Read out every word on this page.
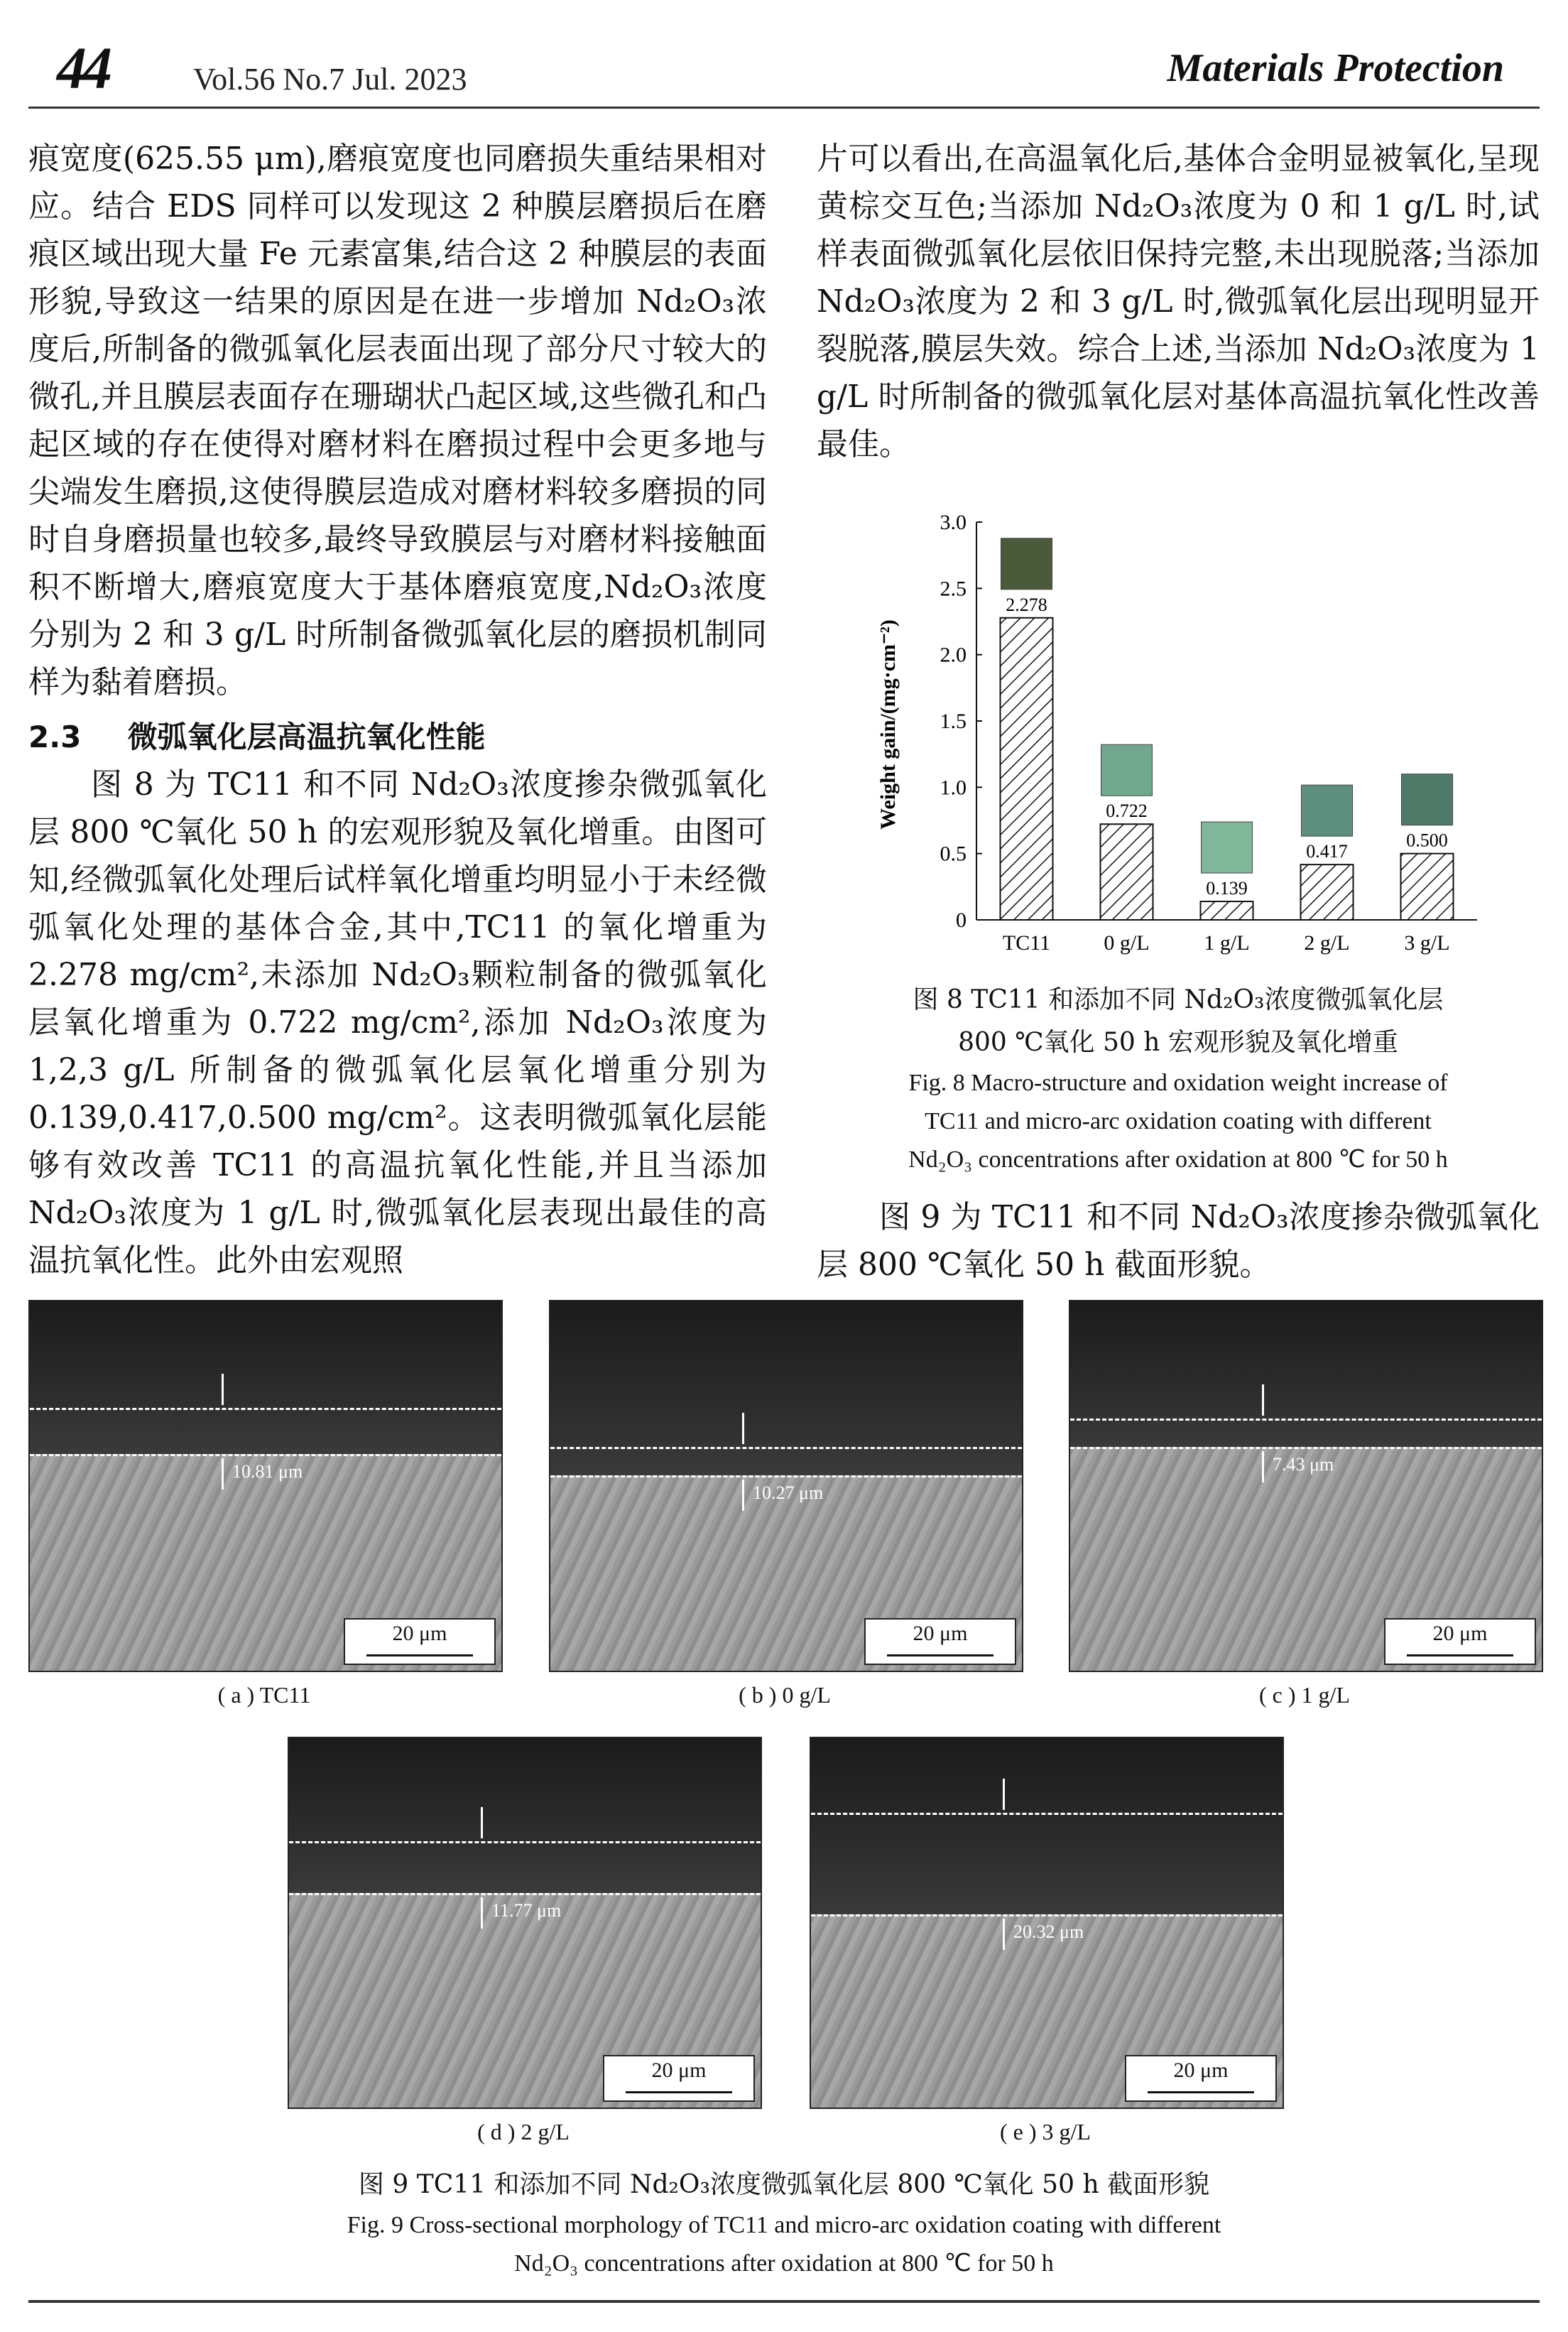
44	Vol.56 No.7 Jul. 2023	Materials Protection

痕宽度(625.55 μm),磨痕宽度也同磨损失重结果相对应。结合 EDS 同样可以发现这 2 种膜层磨损后在磨痕区域出现大量 Fe 元素富集,结合这 2 种膜层的表面形貌,导致这一结果的原因是在进一步增加 Nd₂O₃浓度后,所制备的微弧氧化层表面出现了部分尺寸较大的微孔,并且膜层表面存在珊瑚状凸起区域,这些微孔和凸起区域的存在使得对磨材料在磨损过程中会更多地与尖端发生磨损,这使得膜层造成对磨材料较多磨损的同时自身磨损量也较多,最终导致膜层与对磨材料接触面积不断增大,磨痕宽度大于基体磨痕宽度,Nd₂O₃浓度分别为 2 和 3 g/L 时所制备微弧氧化层的磨损机制同样为黏着磨损。

2.3 微弧氧化层高温抗氧化性能

图 8 为 TC11 和不同 Nd₂O₃浓度掺杂微弧氧化层 800 ℃氧化 50 h 的宏观形貌及氧化增重。由图可知,经微弧氧化处理后试样氧化增重均明显小于未经微弧氧化处理的基体合金,其中,TC11 的氧化增重为 2.278 mg/cm²,未添加 Nd₂O₃颗粒制备的微弧氧化层氧化增重为 0.722 mg/cm²,添加 Nd₂O₃浓度为 1,2,3 g/L 所制备的微弧氧化层氧化增重分别为 0.139,0.417,0.500 mg/cm²。这表明微弧氧化层能够有效改善 TC11 的高温抗氧化性能,并且当添加 Nd₂O₃浓度为 1 g/L 时,微弧氧化层表现出最佳的高温抗氧化性。此外由宏观照

片可以看出,在高温氧化后,基体合金明显被氧化,呈现黄棕交互色;当添加 Nd₂O₃浓度为 0 和 1 g/L 时,试样表面微弧氧化层依旧保持完整,未出现脱落;当添加 Nd₂O₃浓度为 2 和 3 g/L 时,微弧氧化层出现明显开裂脱落,膜层失效。综合上述,当添加 Nd₂O₃浓度为 1 g/L 时所制备的微弧氧化层对基体高温抗氧化性改善最佳。

0
0.5
1.0
1.5
2.0
2.5
3.0
2.278
TC11
0.722
0 g/L
0.139
1 g/L
0.417
2 g/L
0.500
3 g/L
Weight gain/(mg·cm⁻²)
图 8 TC11 和添加不同 Nd₂O₃浓度微弧氧化层
800 ℃氧化 50 h 宏观形貌及氧化增重
Fig. 8 Macro-structure and oxidation weight increase of
TC11 and micro-arc oxidation coating with different
Nd₂O₃ concentrations after oxidation at 800 ℃ for 50 h
图 9 为 TC11 和不同 Nd₂O₃浓度掺杂微弧氧化层 800 ℃氧化 50 h 截面形貌。
10.81 μm
20 μm
( a ) TC11
10.27 μm
20 μm
( b ) 0 g/L
7.43 μm
20 μm
( c ) 1 g/L
11.77 μm
20 μm
( d ) 2 g/L
20.32 μm
20 μm
( e ) 3 g/L
图 9 TC11 和添加不同 Nd₂O₃浓度微弧氧化层 800 ℃氧化 50 h 截面形貌
Fig. 9 Cross-sectional morphology of TC11 and micro-arc oxidation coating with different
Nd₂O₃ concentrations after oxidation at 800 ℃ for 50 h
